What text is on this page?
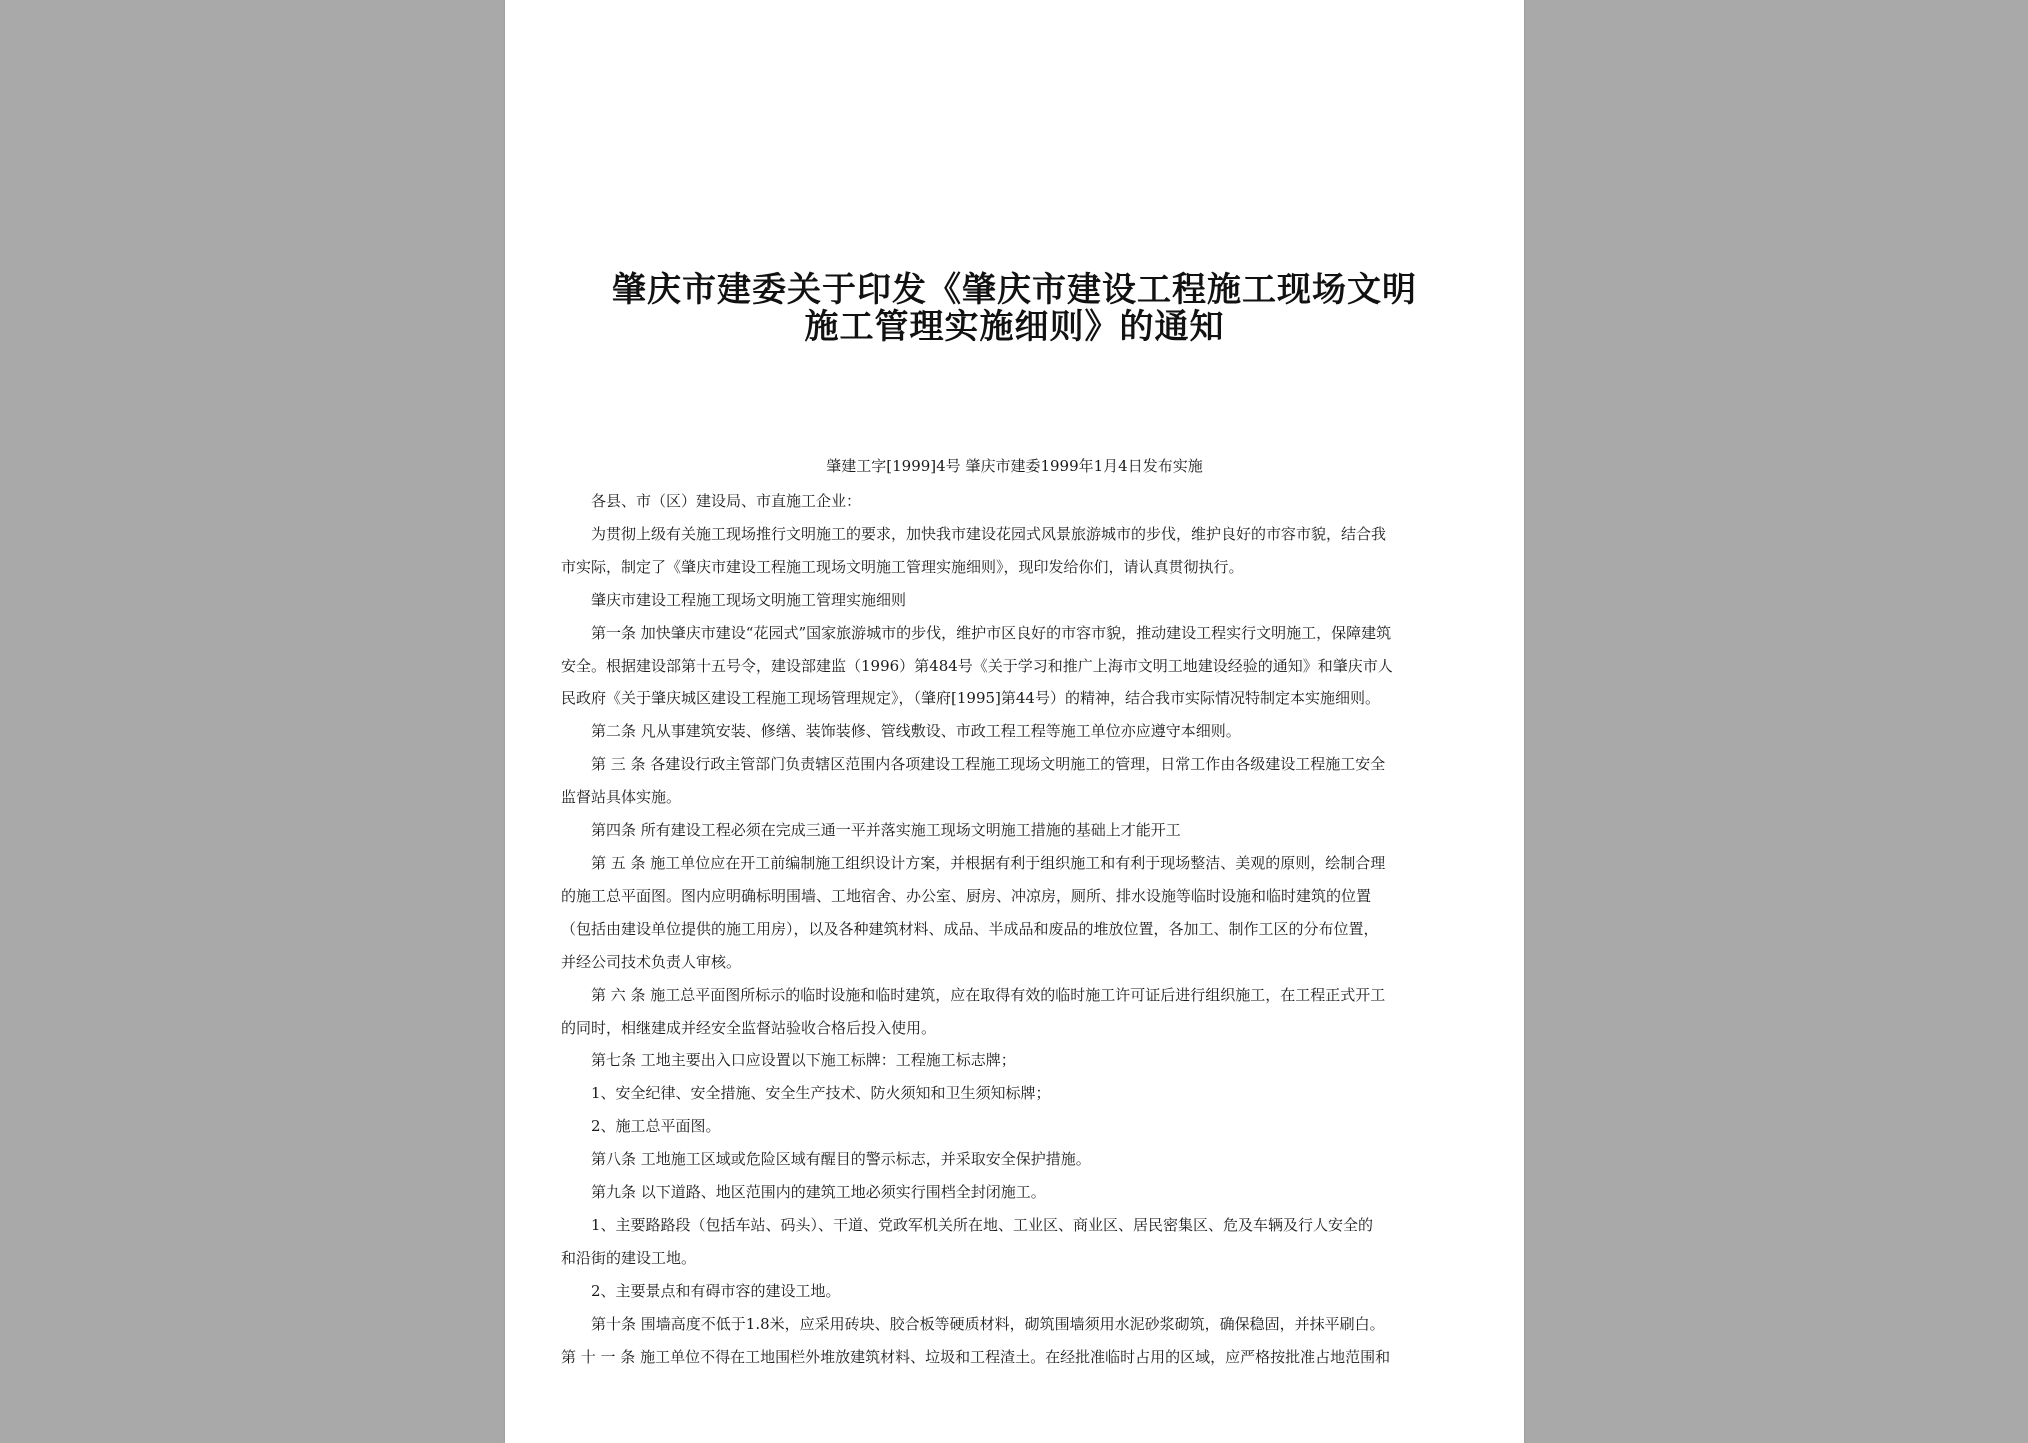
肇庆市建委关于印发《肇庆市建设工程施工现场文明
施工管理实施细则》的通知
肇建工字[1999]4号 肇庆市建委1999年1月4日发布实施
各县、市（区）建设局、市直施工企业：
为贯彻上级有关施工现场推行文明施工的要求，加快我市建设花园式风景旅游城市的步伐，维护良好的市容市貌，结合我
市实际，制定了《肇庆市建设工程施工现场文明施工管理实施细则》，现印发给你们，请认真贯彻执行。
肇庆市建设工程施工现场文明施工管理实施细则
第一条 加快肇庆市建设“花园式”国家旅游城市的步伐，维护市区良好的市容市貌，推动建设工程实行文明施工，保障建筑
安全。根据建设部第十五号令，建设部建监（1996）第484号《关于学习和推广上海市文明工地建设经验的通知》和肇庆市人
民政府《关于肇庆城区建设工程施工现场管理规定》，（肇府[1995]第44号）的精神，结合我市实际情况特制定本实施细则。
第二条 凡从事建筑安装、修缮、装饰装修、管线敷设、市政工程工程等施工单位亦应遵守本细则。
第 三 条 各建设行政主管部门负责辖区范围内各项建设工程施工现场文明施工的管理，日常工作由各级建设工程施工安全
监督站具体实施。
第四条 所有建设工程必须在完成三通一平并落实施工现场文明施工措施的基础上才能开工
第 五 条 施工单位应在开工前编制施工组织设计方案，并根据有利于组织施工和有利于现场整洁、美观的原则，绘制合理
的施工总平面图。图内应明确标明围墙、工地宿舍、办公室、厨房、冲凉房，厕所、排水设施等临时设施和临时建筑的位置
（包括由建设单位提供的施工用房），以及各种建筑材料、成品、半成品和废品的堆放位置，各加工、制作工区的分布位置，
并经公司技术负责人审核。
第 六 条 施工总平面图所标示的临时设施和临时建筑，应在取得有效的临时施工许可证后进行组织施工，在工程正式开工
的同时，相继建成并经安全监督站验收合格后投入使用。
第七条 工地主要出入口应设置以下施工标牌：工程施工标志牌；
1、安全纪律、安全措施、安全生产技术、防火须知和卫生须知标牌；
2、施工总平面图。
第八条 工地施工区域或危险区域有醒目的警示标志，并采取安全保护措施。
第九条 以下道路、地区范围内的建筑工地必须实行围档全封闭施工。
1、主要路路段（包括车站、码头）、干道、党政军机关所在地、工业区、商业区、居民密集区、危及车辆及行人安全的
和沿街的建设工地。
2、主要景点和有碍市容的建设工地。
第十条 围墙高度不低于1.8米，应采用砖块、胶合板等硬质材料，砌筑围墙须用水泥砂浆砌筑，确保稳固，并抹平刷白。
第 十 一 条 施工单位不得在工地围栏外堆放建筑材料、垃圾和工程渣土。在经批准临时占用的区域，应严格按批准占地范围和
